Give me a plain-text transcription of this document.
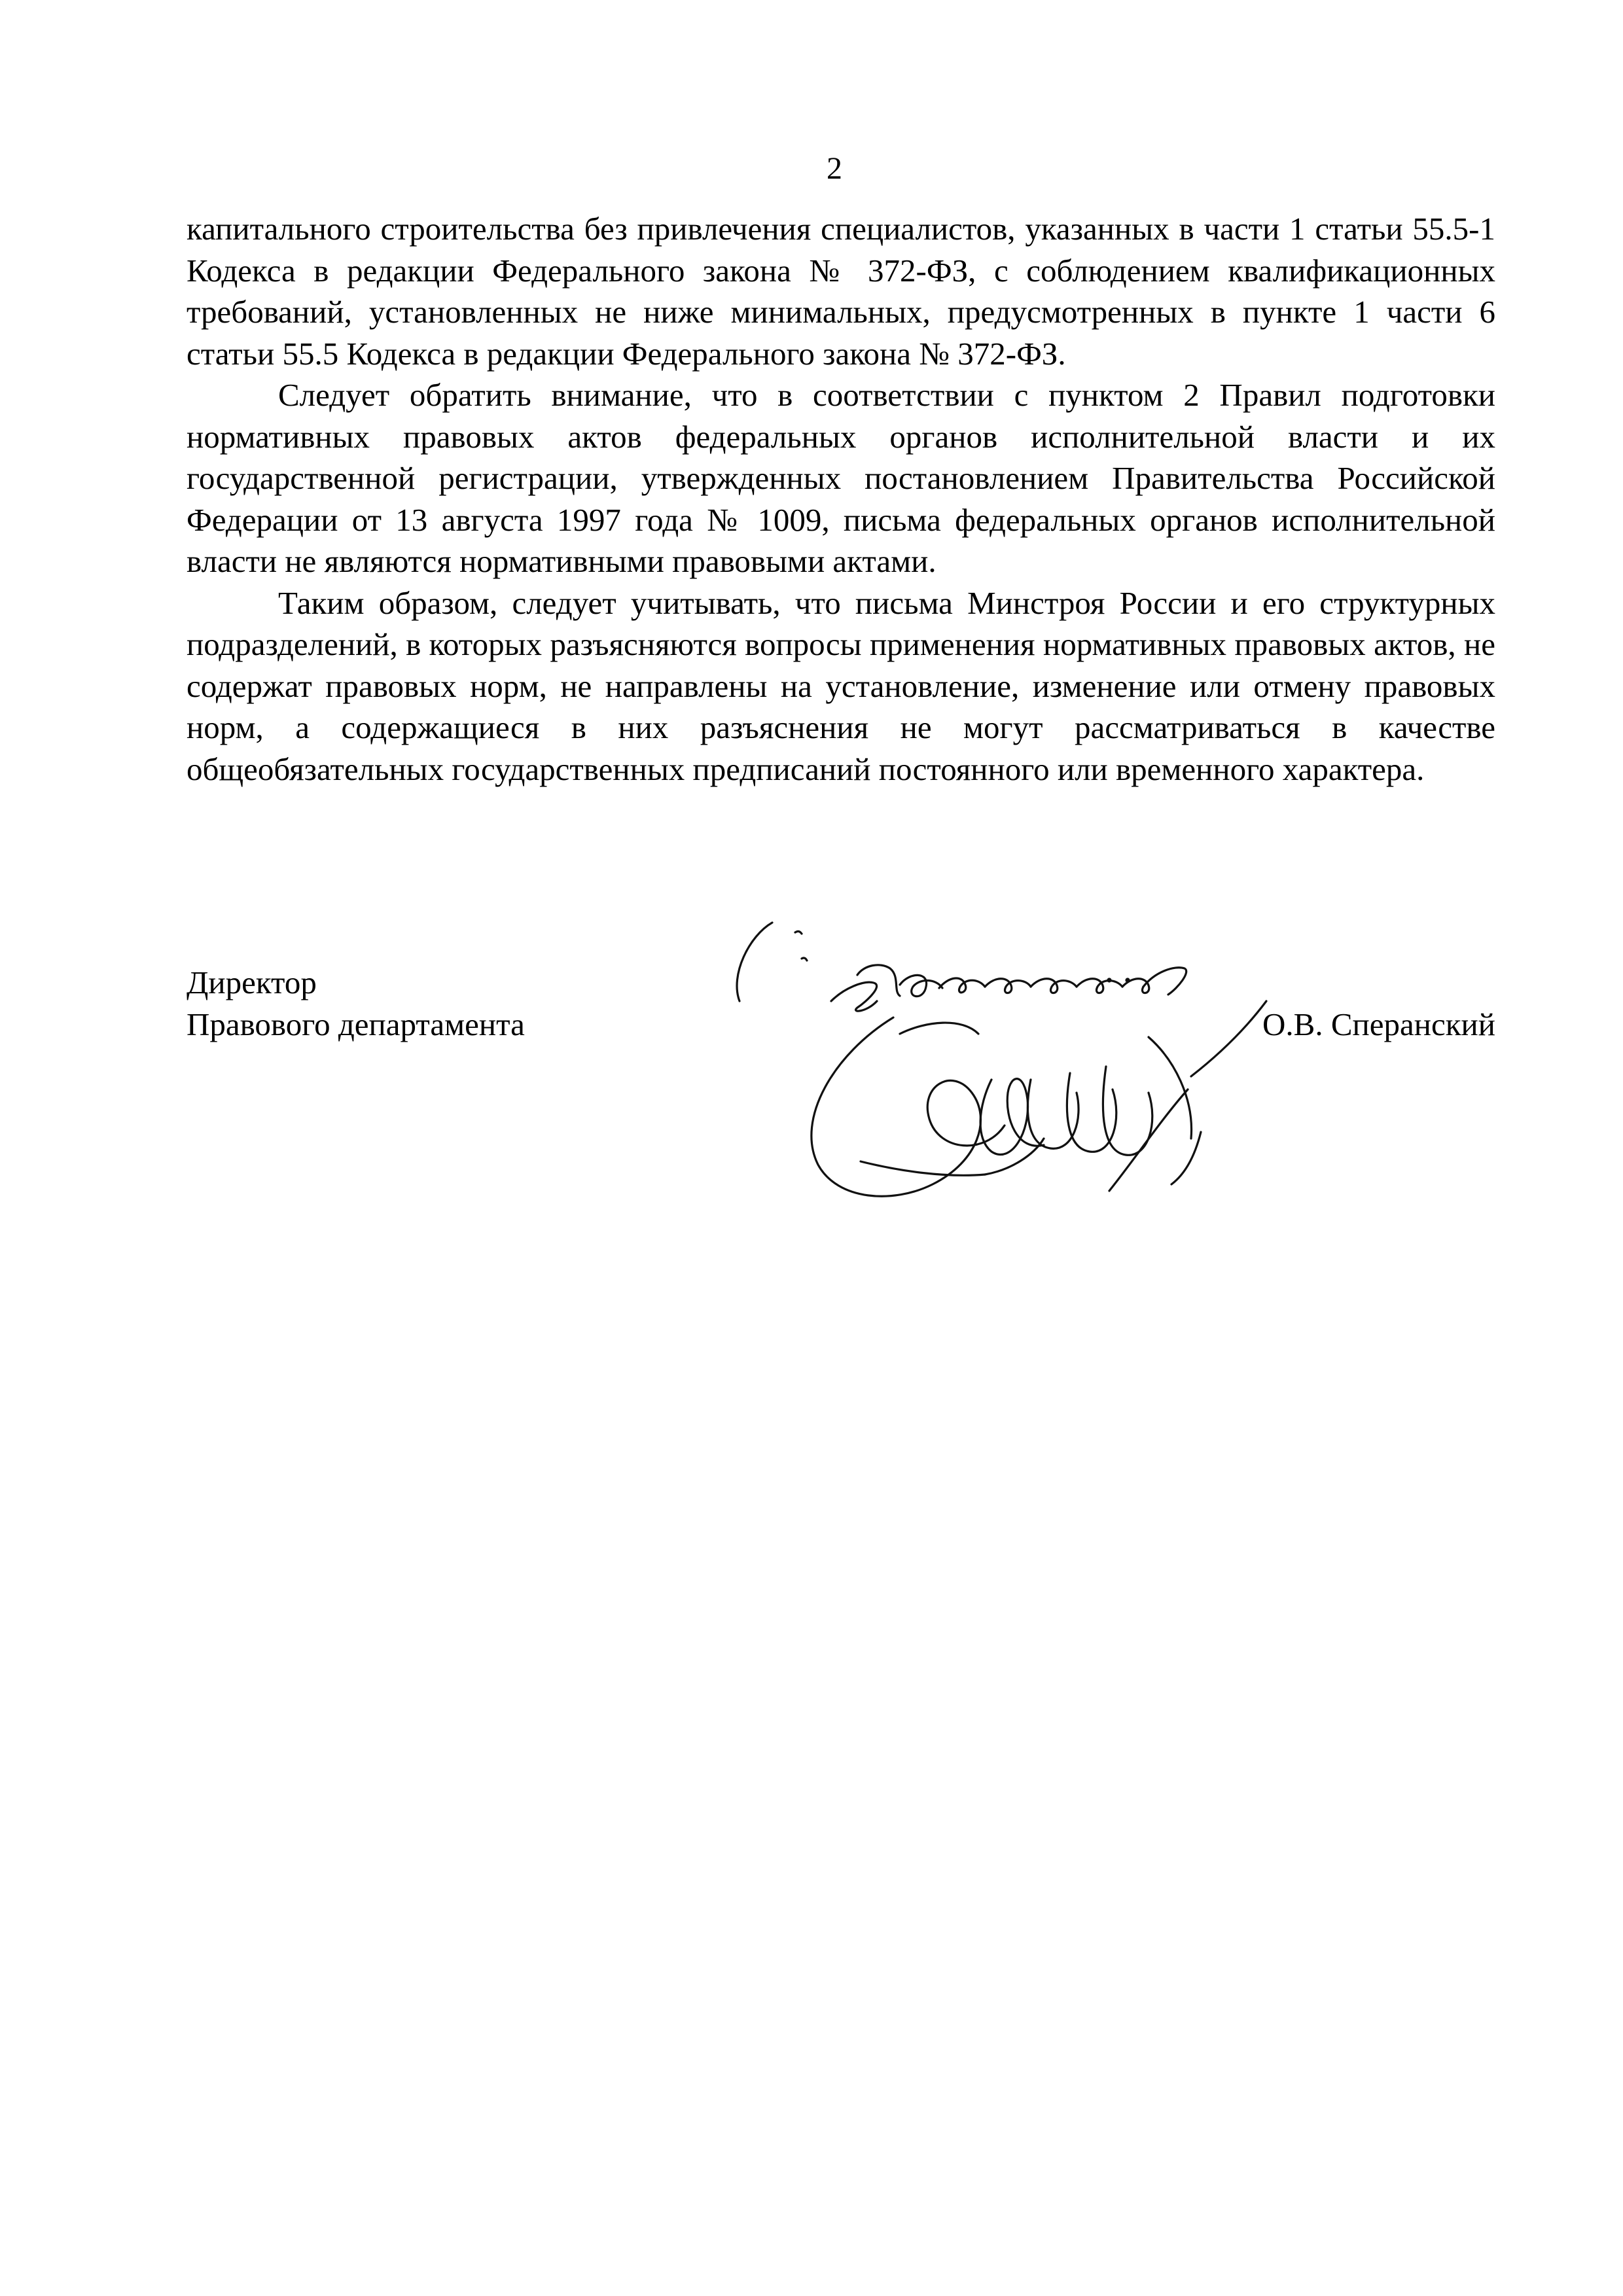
2

капитального строительства без привлечения специалистов, указанных в части 1 статьи 55.5-1 Кодекса в редакции Федерального закона № 372-ФЗ, с соблюдением квалификационных требований, установленных не ниже минимальных, предусмотренных в пункте 1 части 6 статьи 55.5 Кодекса в редакции Федерального закона № 372-ФЗ.

Следует обратить внимание, что в соответствии с пунктом 2 Правил подготовки нормативных правовых актов федеральных органов исполнительной власти и их государственной регистрации, утвержденных постановлением Правительства Российской Федерации от 13 августа 1997 года № 1009, письма федеральных органов исполнительной власти не являются нормативными правовыми актами.

Таким образом, следует учитывать, что письма Минстроя России и его структурных подразделений, в которых разъясняются вопросы применения нормативных правовых актов, не содержат правовых норм, не направлены на установление, изменение или отмену правовых норм, а содержащиеся в них разъяснения не могут рассматриваться в качестве общеобязательных государственных предписаний постоянного или временного характера.

Директор
Правового департамента	О.В. Сперанский
